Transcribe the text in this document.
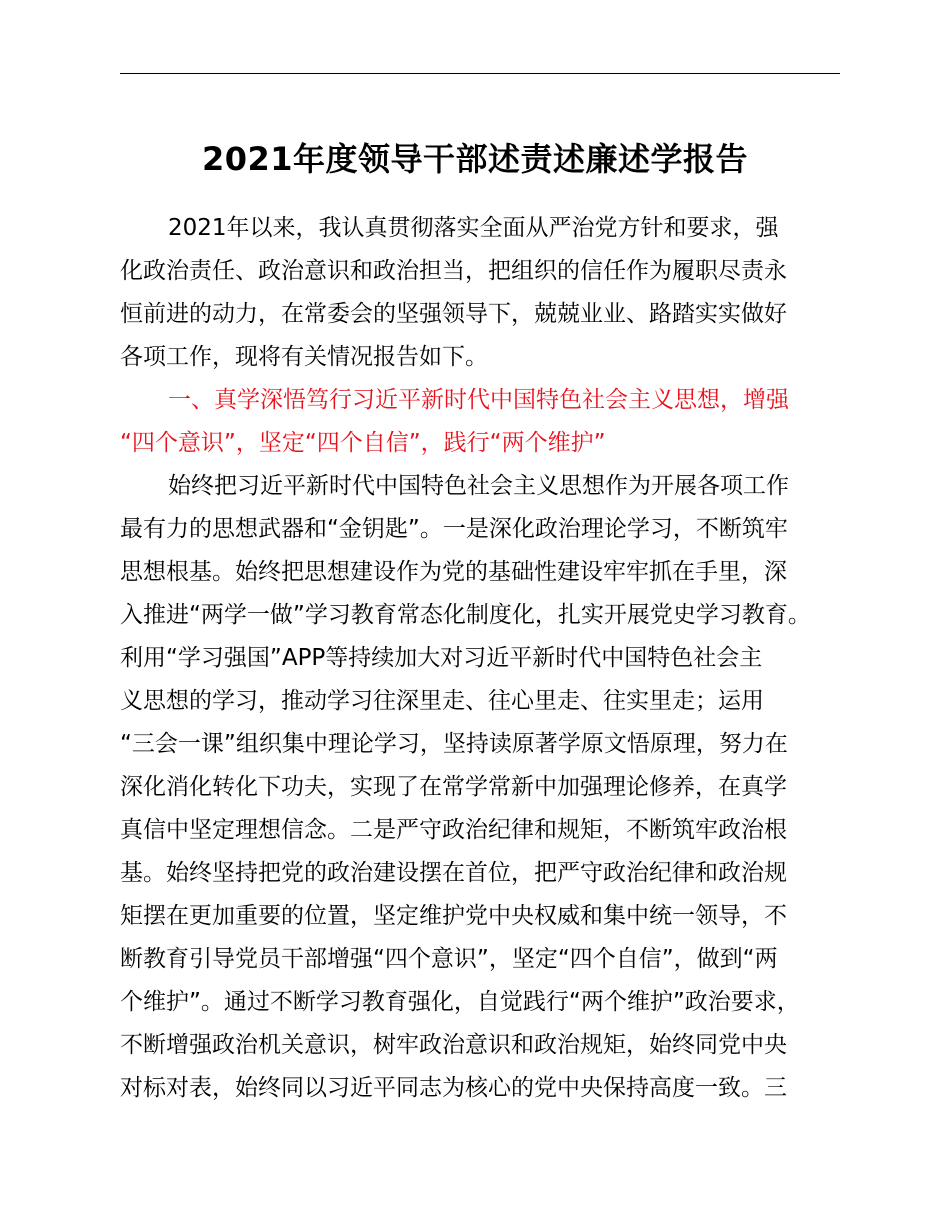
2021年度领导干部述责述廉述学报告
2021年以来，我认真贯彻落实全面从严治党方针和要求，强
化政治责任、政治意识和政治担当，把组织的信任作为履职尽责永
恒前进的动力，在常委会的坚强领导下，兢兢业业、路踏实实做好
各项工作，现将有关情况报告如下。
一、真学深悟笃行习近平新时代中国特色社会主义思想，增强
“四个意识”，坚定“四个自信”，践行“两个维护”
始终把习近平新时代中国特色社会主义思想作为开展各项工作
最有力的思想武器和“金钥匙”。一是深化政治理论学习，不断筑牢
思想根基。始终把思想建设作为党的基础性建设牢牢抓在手里，深
入推进“两学一做”学习教育常态化制度化，扎实开展党史学习教育。
利用“学习强国”APP等持续加大对习近平新时代中国特色社会主
义思想的学习，推动学习往深里走、往心里走、往实里走；运用
“三会一课”组织集中理论学习，坚持读原著学原文悟原理，努力在
深化消化转化下功夫，实现了在常学常新中加强理论修养，在真学
真信中坚定理想信念。二是严守政治纪律和规矩，不断筑牢政治根
基。始终坚持把党的政治建设摆在首位，把严守政治纪律和政治规
矩摆在更加重要的位置，坚定维护党中央权威和集中统一领导，不
断教育引导党员干部增强“四个意识”，坚定“四个自信”，做到“两
个维护”。通过不断学习教育强化，自觉践行“两个维护”政治要求，
不断增强政治机关意识，树牢政治意识和政治规矩，始终同党中央
对标对表，始终同以习近平同志为核心的党中央保持高度一致。三
